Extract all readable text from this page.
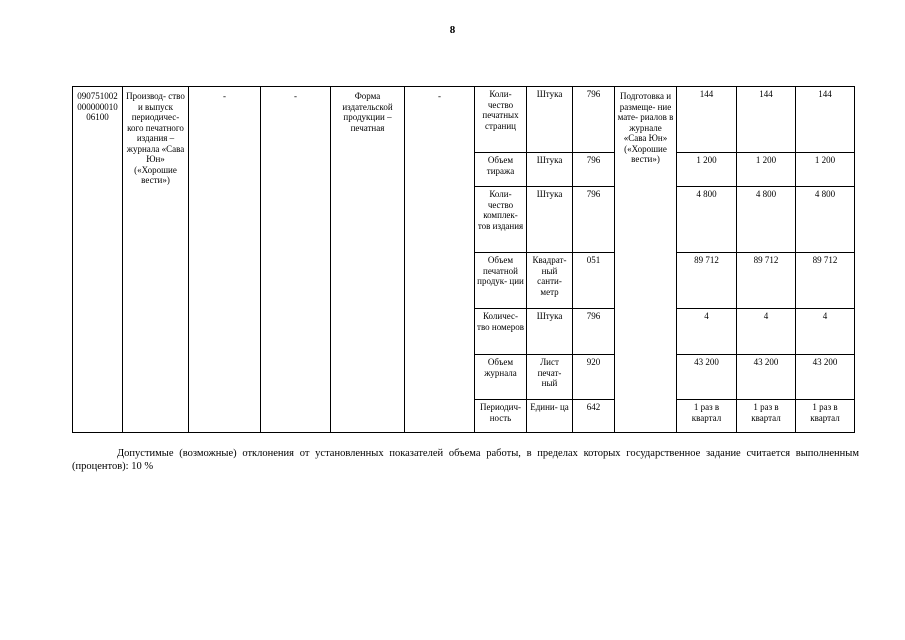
8
090751002 000000010 06100	Производ- ство и выпуск периодичес- кого печатного издания – журнала «Сава Юн» («Хорошие вести»)	-	-	Форма издательской продукции – печатная	-	Коли- чество печатных страниц	Штука	796	Подготовка и размеще- ние мате- риалов в журнале «Сава Юн» («Хорошие вести»)	144	144	144
						Объем тиража	Штука	796		1 200	1 200	1 200
						Коли- чество комплек- тов издания	Штука	796		4 800	4 800	4 800
						Объем печатной продук- ции	Квадрат- ный санти- метр	051		89 712	89 712	89 712
						Количес- тво номеров	Штука	796		4	4	4
						Объем журнала	Лист печат- ный	920		43 200	43 200	43 200
						Периодич- ность	Едини- ца	642		1 раз в квартал	1 раз в квартал	1 раз в квартал
Допустимые (возможные) отклонения от установленных показателей объема работы, в пределах которых государственное задание считается выполненным (процентов): 10 %
